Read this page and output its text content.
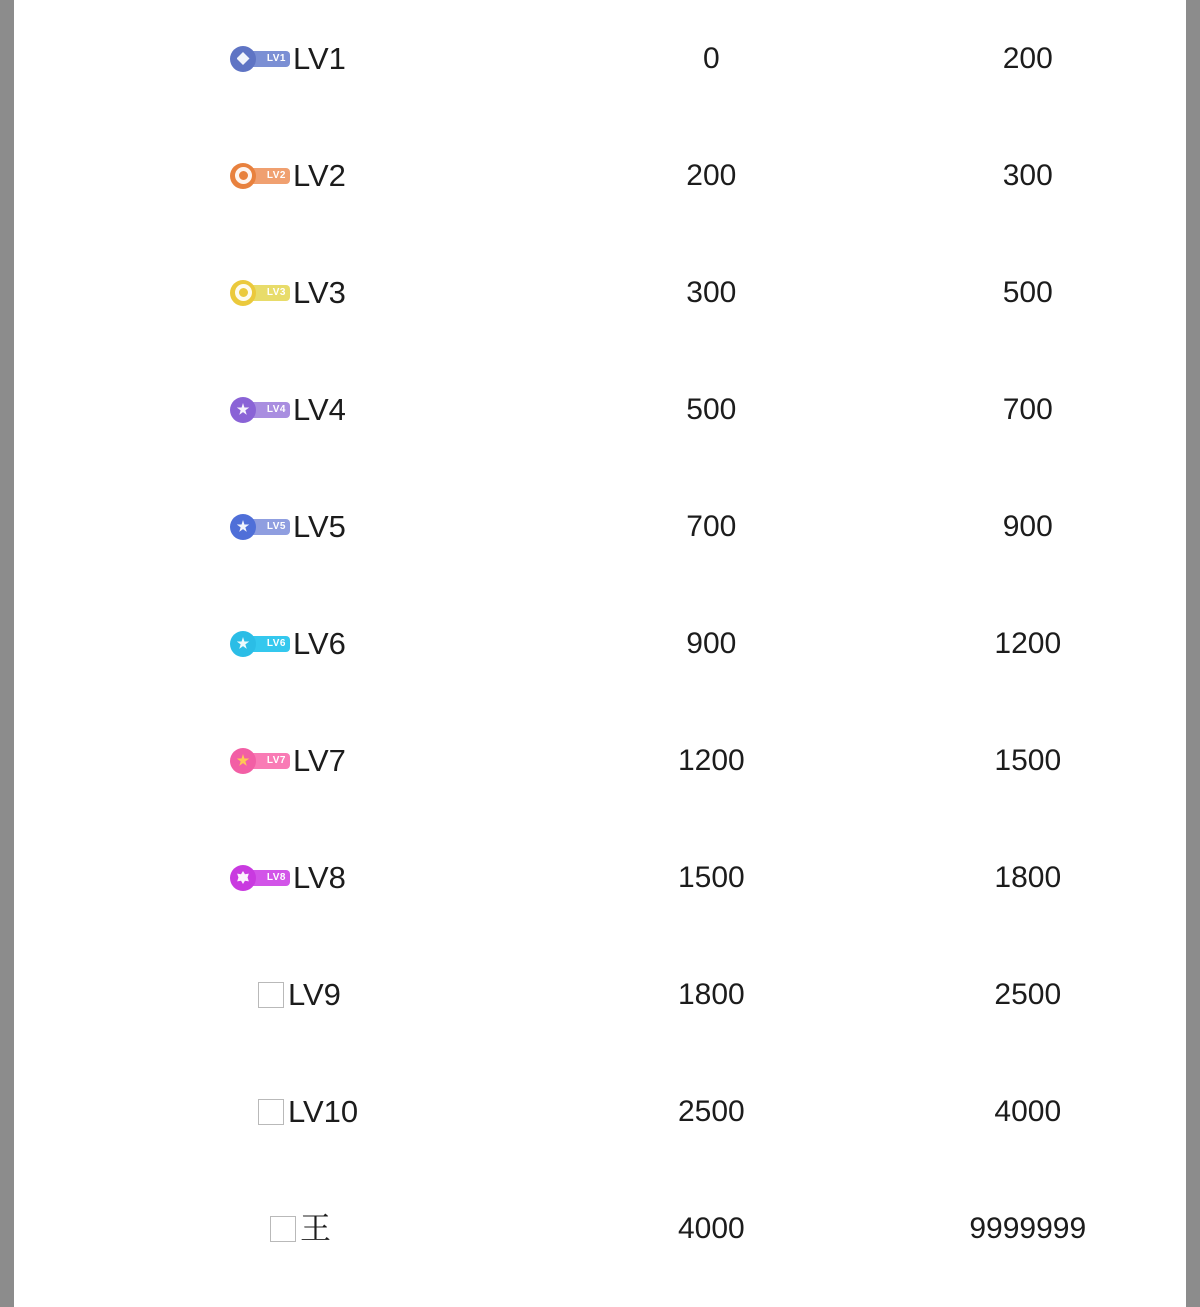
LV1 LV1	0	200

LV2 LV2	200	300

LV3 LV3	300	500

LV4 LV4	500	700

LV5 LV5	700	900

LV6 LV6	900	1200

LV7 LV7	1200	1500

LV8 LV8	1500	1800

LV9	1800	2500

LV10	2500	4000

王	4000	9999999
